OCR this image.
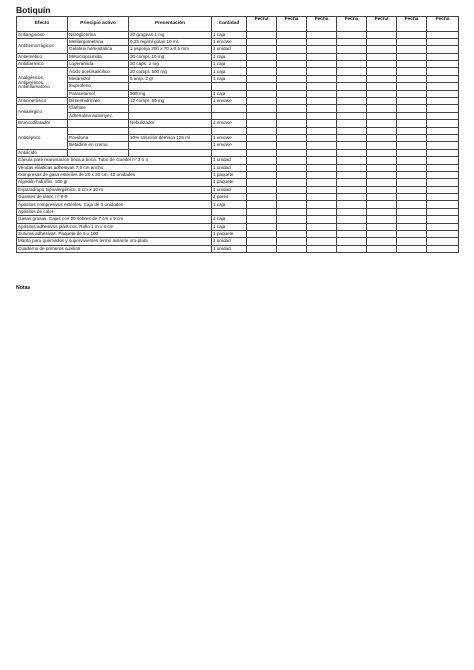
Botiquín
Efecto	Principio activo	Presentación	Cantidad	Fecha	Fecha	Fecha	Fecha	Fecha	Fecha	Fecha
Antianginoso	Nitroglicerina	20 grageas 1 mg	1 caja							
Antihemorrágicos	Metilergometrina	0,25 mg/ml gotas 10 ml.	1 envase							
	Gelatina hemostática	1 esponja 200 x 70 x 0,5 mm	1 unidad							
Antiemético	Metoclopramida	30 compr. 10 mg	1 caja							
Antidiarreico	Loperamida	20 caps. 2 mg	1 caja							
Analgésicos, Antipiréticos, Antiinflamatorio	Ácido acetilsalicílico	20 compr. 500 mg	1 caja							
	Metamizol	5 amp. 2 gr	1 caja							
	Ibuprofeno									
	Paracetamol	500 mg	1 caja							
Anticinetósico	Dimenhidrinato	12 compr. 50 mg	1 envase							
Antialérgico	Claritine									
	Adrenalina autoinyec.									
Broncodilatador		Nebulizador	1 envase							
Antiséptico										
	Povidona	10% solución dérmica 125 ml	1 envase							
	Betadine en crema		1 envase							
Antiácido										
Cánula para reanimación boca a boca. Tubo de Guedel nº 3 ó 4			1 unidad							
Vendas elásticas adhesivas 7,5 cm ancho			1 unidad							
Compresas de gasa estériles de 20 x 20 cm, 40 unidades			1 paquete							
Algodón hidrófilo, 100 gr			1 paquete							
Esparadrapo hipoalergénico, 5 cm x 10 m			1 unidad							
Guantes de látex, nº 8-9			2 pares							
Apósitos compresivos estériles. Caja de 3 unidades			1 caja							
Apósitos de calor										
Gasas grasas. Cajas con 20 sobres de 7 cm x 9 cm			1 caja							
Apósitos adhesivos plásticos. Rollo 1 m x 6 cm			1 caja							
Suturas adhesivas. Paquete de 6 x 100			1 paquete							
Manta para quemados y supervivientes termo aislante oro-plata			1 unidad							
Cuaderno de primeros auxilios			1 unidad							
Notas
